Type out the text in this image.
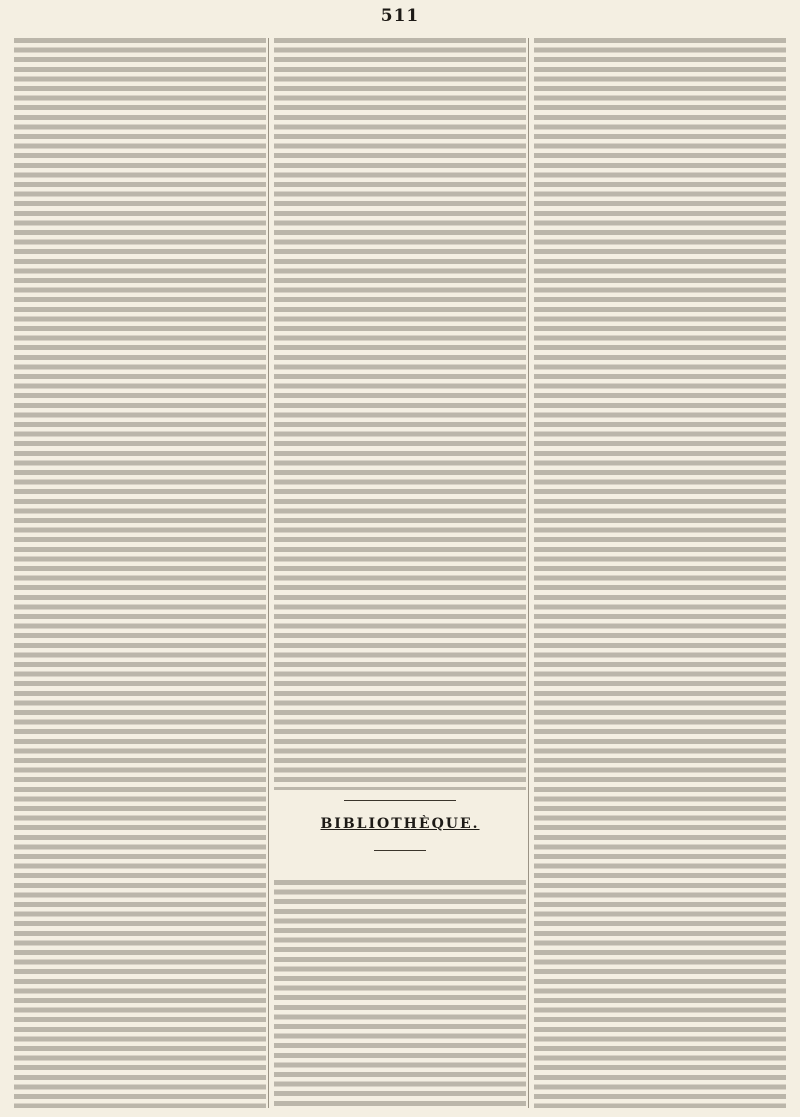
511
BIBLIOTHÈQUE.
